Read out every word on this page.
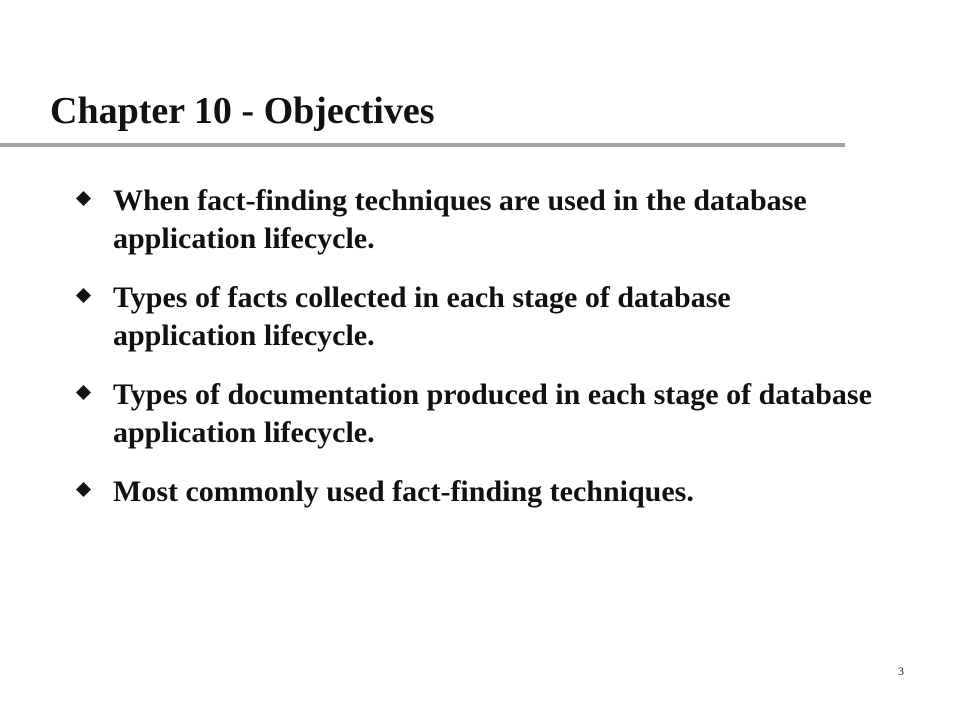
Chapter 10 - Objectives
When fact-finding techniques are used in the database application lifecycle.
Types of facts collected in each stage of database application lifecycle.
Types of documentation produced in each stage of database application lifecycle.
Most commonly used fact-finding techniques.
3
